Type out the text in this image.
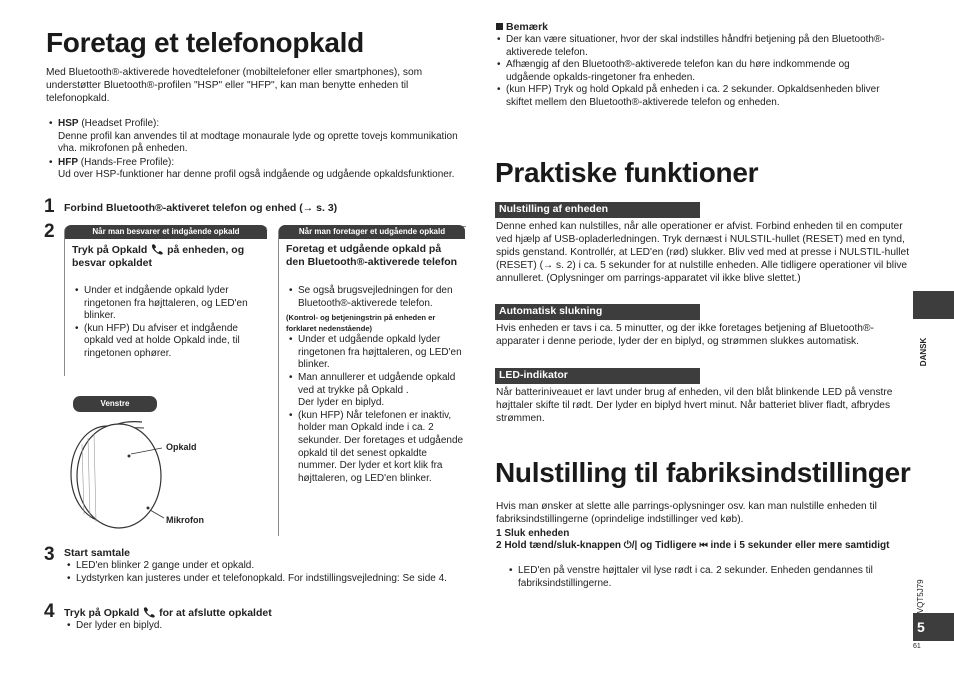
Foretag et telefonopkald
Med Bluetooth®-aktiverede hovedtelefoner (mobiltelefoner eller smartphones), som understøtter Bluetooth®-profilen "HSP" eller "HFP", kan man benytte enheden til telefonopkald.
• HSP (Headset Profile):
Denne profil kan anvendes til at modtage monaurale lyde og oprette tovejs kommunikation vha. mikrofonen på enheden.
• HFP (Hands-Free Profile):
Ud over HSP-funktioner har denne profil også indgående og udgående opkaldsfunktioner.
1 Forbind Bluetooth®-aktiveret telefon og enhed (→ s. 3)
2	Når man besvarer et indgående opkald
Tryk på Opkald  på enheden, og besvar opkaldet
• Under et indgående opkald lyder ringetonen fra højttaleren, og LED'en blinker.
• (kun HFP) Du afviser et indgående opkald ved at holde Opkald inde, til ringetonen ophører.
Venstre
Opkald
Mikrofon
Når man foretager et udgående opkald
Foretag et udgående opkald på den Bluetooth®-aktiverede telefon
• Se også brugsvejledningen for den Bluetooth®-aktiverede telefon.
(Kontrol- og betjeningstrin på enheden er forklaret nedenstående)
• Under et udgående opkald lyder ringetonen fra højttaleren, og LED'en blinker.
• Man annullerer et udgående opkald ved at trykke på Opkald .
Der lyder en biplyd.
• (kun HFP) Når telefonen er inaktiv, holder man Opkald inde i ca. 2 sekunder. Der foretages et udgående opkald til det senest opkaldte nummer. Der lyder et kort klik fra højttaleren, og LED'en blinker.
3 Start samtale
• LED'en blinker 2 gange under et opkald.
• Lydstyrken kan justeres under et telefonopkald. For indstillingsvejledning: Se side 4.
4 Tryk på Opkald  for at afslutte opkaldet
• Der lyder en biplyd.
Bemærk
• Der kan være situationer, hvor der skal indstilles håndfri betjening på den Bluetooth®-aktiverede telefon.
• Afhængig af den Bluetooth®-aktiverede telefon kan du høre indkommende og udgående opkalds-ringetoner fra enheden.
• (kun HFP) Tryk og hold Opkald på enheden i ca. 2 sekunder. Opkaldsenheden bliver skiftet mellem den Bluetooth®-aktiverede telefon og enheden.
Praktiske funktioner
Nulstilling af enheden
Denne enhed kan nulstilles, når alle operationer er afvist. Forbind enheden til en computer ved hjælp af USB-opladerledningen. Tryk dernæst i NULSTIL-hullet (RESET) med en tynd, spids genstand. Kontrollér, at LED'en (rød) slukker. Bliv ved med at presse i NULSTIL-hullet (RESET) (→ s. 2) i ca. 5 sekunder for at nulstille enheden. Alle tidligere operationer vil blive annulleret. (Oplysninger om parrings-apparatet vil ikke blive slettet.)
Automatisk slukning
Hvis enheden er tavs i ca. 5 minutter, og der ikke foretages betjening af Bluetooth®-apparater i denne periode, lyder der en biplyd, og strømmen slukkes automatisk.
LED-indikator
Når batteriniveauet er lavt under brug af enheden, vil den blåt blinkende LED på venstre højttaler skifte til rødt. Der lyder en biplyd hvert minut. Når batteriet bliver fladt, afbrydes strømmen.
Nulstilling til fabriksindstillinger
Hvis man ønsker at slette alle parrings-oplysninger osv. kan man nulstille enheden til fabriksindstillingerne (oprindelige indstillinger ved køb).
1 Sluk enheden
2 Hold tænd/sluk-knappen ⏻/| og Tidligere ⏮ inde i 5 sekunder eller mere samtidigt
• LED'en på venstre højttaler vil lyse rødt i ca. 2 sekunder. Enheden gendannes til fabriksindstillingerne.
DANSK
VQT5J79
5
61
